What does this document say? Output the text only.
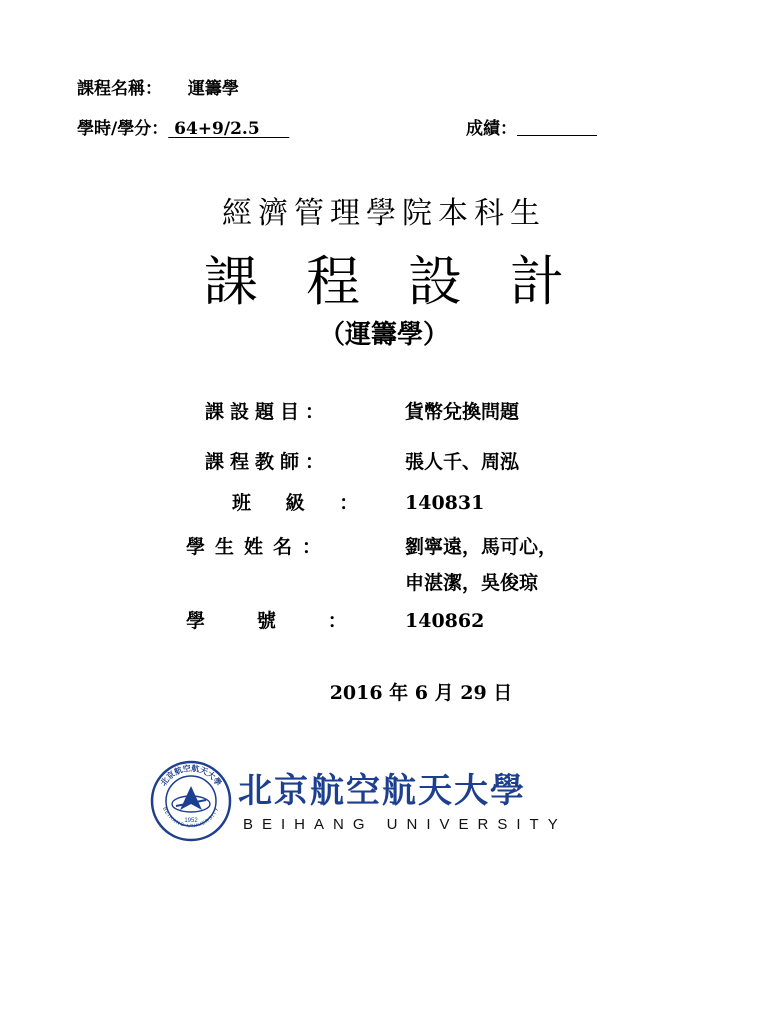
課程名稱： 運籌學
學時/學分： 64+9/2.5	成績：
經濟管理學院本科生
課程設計
（運籌學）
課設題目：	貨幣兌換問題
課程教師：	張人千、周泓
班 級 ： 140831
學生姓名：	劉寧遠，馬可心，
申湛潔，吳俊琼
學   號   ：	140862
2016 年 6 月 29 日
北京航空航天大學
BEIHANG UNIVERSITY
1952
北京航空航天大學
BEIHANG UNIVERSITY
